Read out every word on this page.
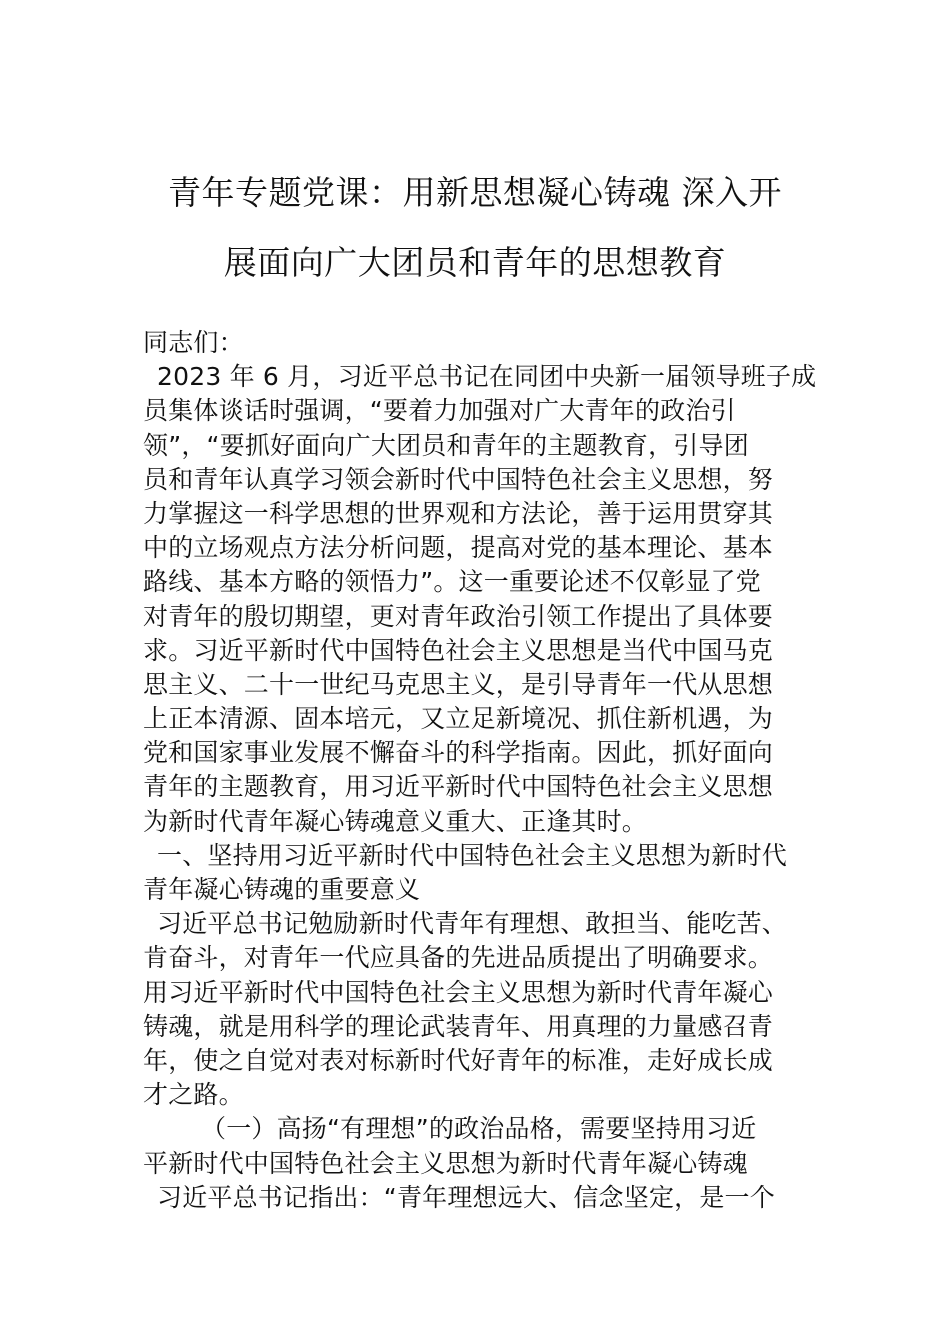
青年专题党课：用新思想凝心铸魂 深入开
展面向广大团员和青年的思想教育
同志们：
2023 年 6 月，习近平总书记在同团中央新一届领导班子成
员集体谈话时强调，“要着力加强对广大青年的政治引
领”，“要抓好面向广大团员和青年的主题教育，引导团
员和青年认真学习领会新时代中国特色社会主义思想，努
力掌握这一科学思想的世界观和方法论，善于运用贯穿其
中的立场观点方法分析问题，提高对党的基本理论、基本
路线、基本方略的领悟力”。这一重要论述不仅彰显了党
对青年的殷切期望，更对青年政治引领工作提出了具体要
求。习近平新时代中国特色社会主义思想是当代中国马克
思主义、二十一世纪马克思主义，是引导青年一代从思想
上正本清源、固本培元，又立足新境况、抓住新机遇，为
党和国家事业发展不懈奋斗的科学指南。因此，抓好面向
青年的主题教育，用习近平新时代中国特色社会主义思想
为新时代青年凝心铸魂意义重大、正逢其时。
一、坚持用习近平新时代中国特色社会主义思想为新时代
青年凝心铸魂的重要意义
习近平总书记勉励新时代青年有理想、敢担当、能吃苦、
肯奋斗，对青年一代应具备的先进品质提出了明确要求。
用习近平新时代中国特色社会主义思想为新时代青年凝心
铸魂，就是用科学的理论武装青年、用真理的力量感召青
年，使之自觉对表对标新时代好青年的标准，走好成长成
才之路。
（一）高扬“有理想”的政治品格，需要坚持用习近
平新时代中国特色社会主义思想为新时代青年凝心铸魂
习近平总书记指出：“青年理想远大、信念坚定，是一个
